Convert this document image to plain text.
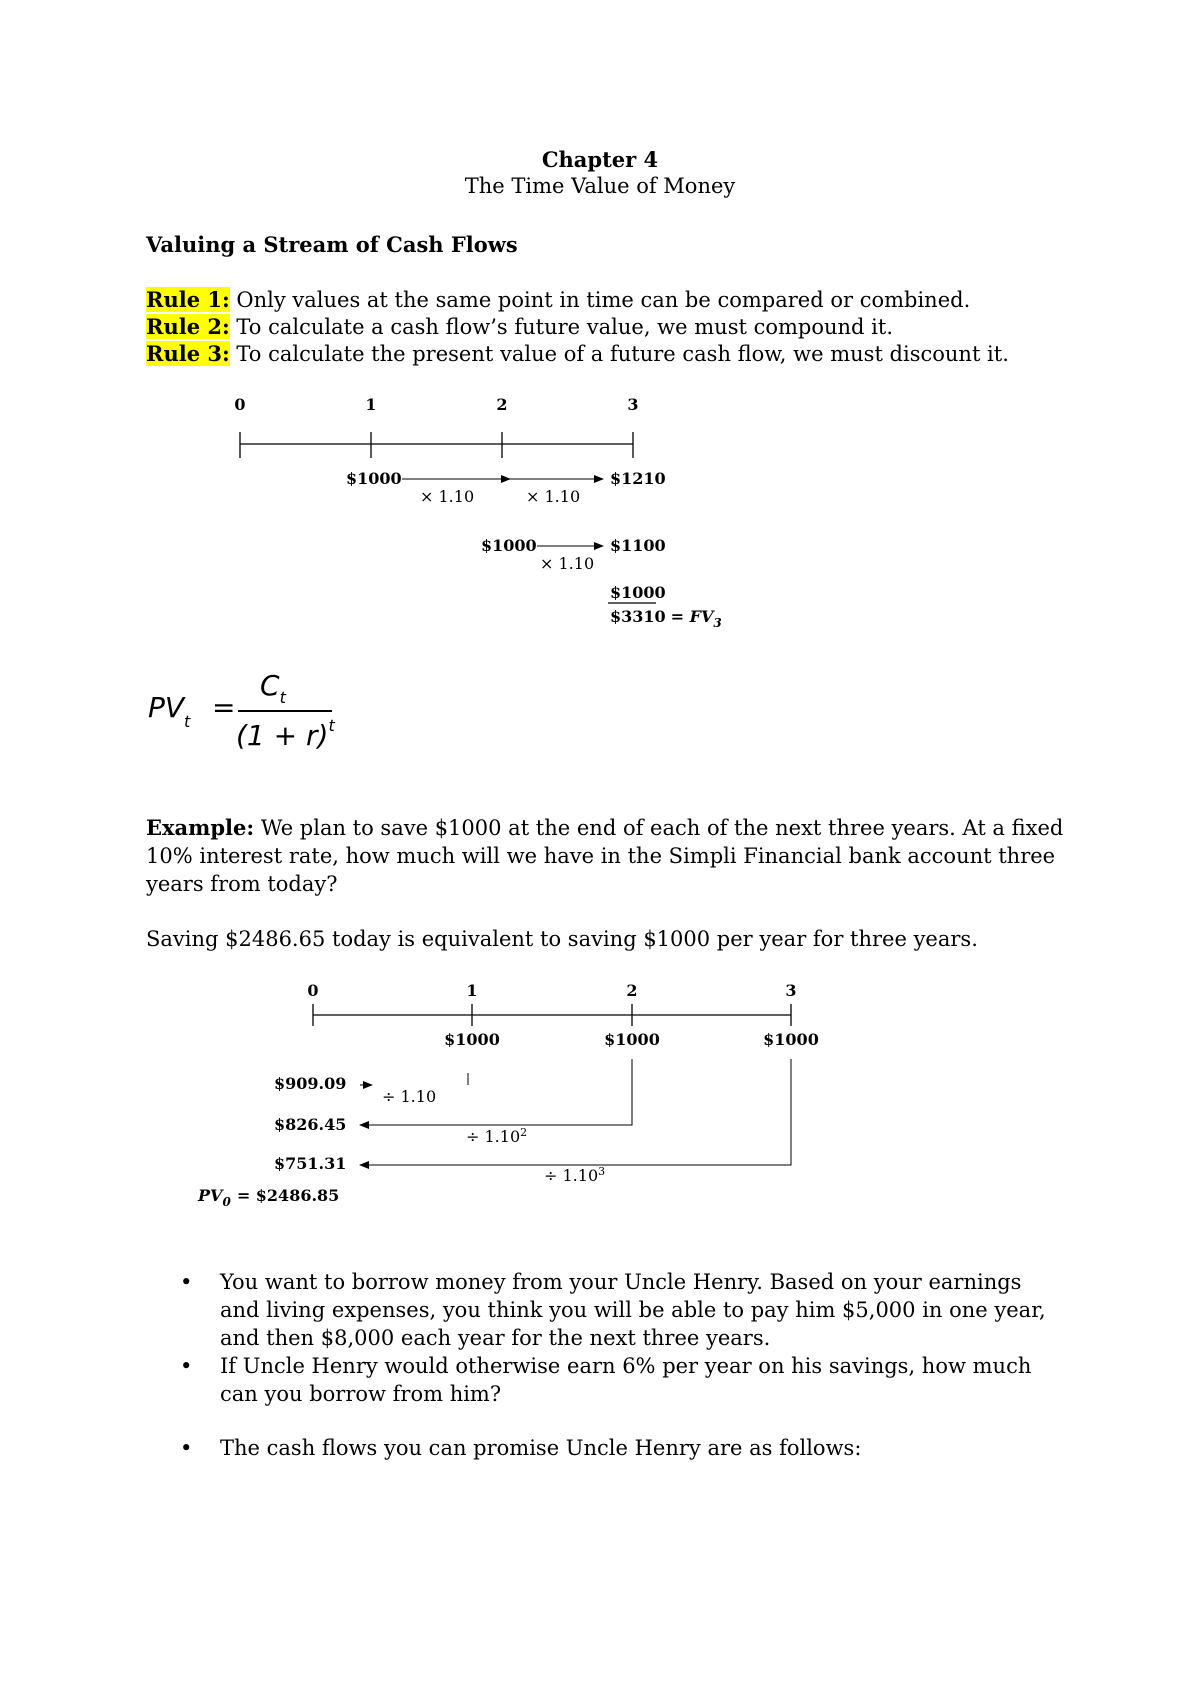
Chapter 4
The Time Value of Money
Valuing a Stream of Cash Flows
Rule 1: Only values at the same point in time can be compared or combined.
Rule 2: To calculate a cash flow’s future value, we must compound it.
Rule 3: To calculate the present value of a future cash flow, we must discount it.
0	1	2	3
$1000	$1210
× 1.10	× 1.10
$1000	$1100
× 1.10
$1000
$3310 = $FV_3$
$PV_t$ =
$C_t$
$(1 + r)^t$
Example: We plan to save $1000 at the end of each of the next three years. At a fixed 10% interest rate, how much will we have in the Simpli Financial bank account three years from today?
Saving $2486.65 today is equivalent to saving $1000 per year for three years.
0	1	2	3
$1000	$1000	$1000
$909.09
$826.45
$751.31
÷ 1.10
÷ $1.10^2$
÷ $1.10^3$
$PV_0$ = $2486.85
• You want to borrow money from your Uncle Henry. Based on your earnings and living expenses, you think you will be able to pay him $5,000 in one year, and then $8,000 each year for the next three years.
• If Uncle Henry would otherwise earn 6% per year on his savings, how much can you borrow from him?
• The cash flows you can promise Uncle Henry are as follows:
